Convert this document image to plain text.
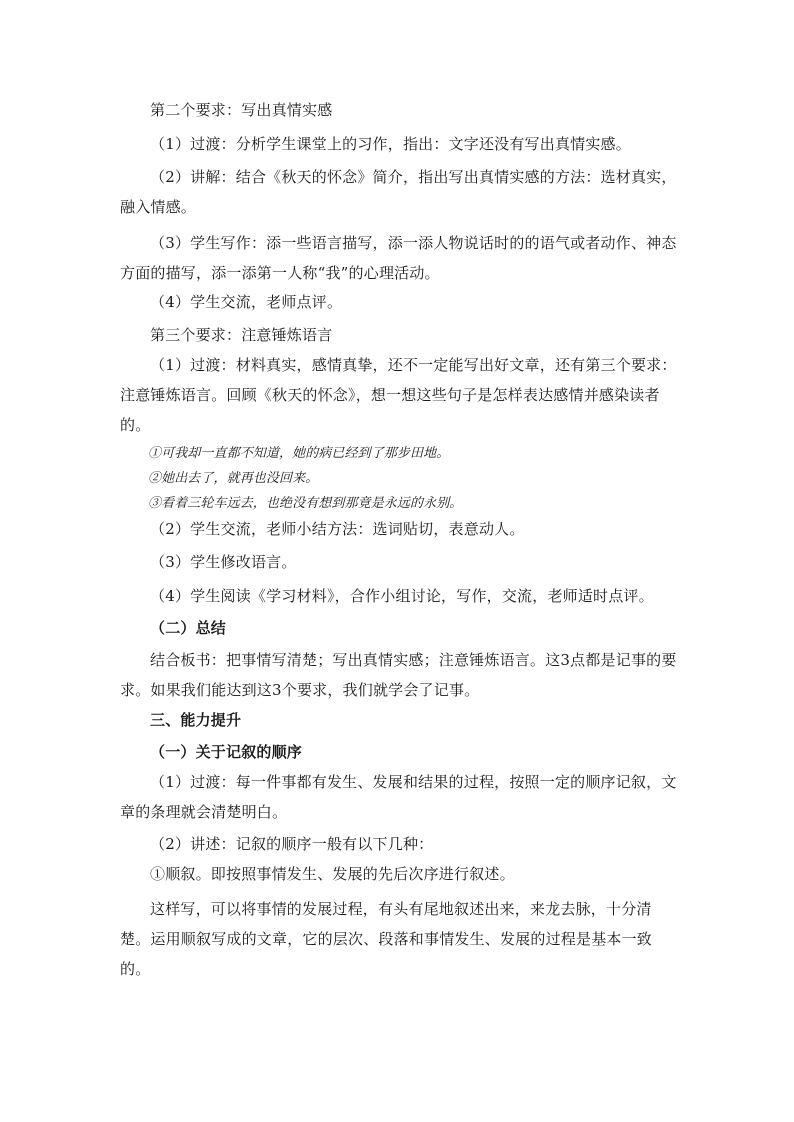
第二个要求：写出真情实感
（1）过渡：分析学生课堂上的习作，指出：文字还没有写出真情实感。
（2）讲解：结合《秋天的怀念》简介，指出写出真情实感的方法：选材真实，融入情感。
（3）学生写作：添一些语言描写，添一添人物说话时的的语气或者动作、神态方面的描写，添一添第一人称“我”的心理活动。
（4）学生交流，老师点评。
第三个要求：注意锤炼语言
（1）过渡：材料真实，感情真挚，还不一定能写出好文章，还有第三个要求：注意锤炼语言。回顾《秋天的怀念》，想一想这些句子是怎样表达感情并感染读者的。
①可我却一直都不知道，她的病已经到了那步田地。
②她出去了，就再也没回来。
③看着三轮车远去，也绝没有想到那竟是永远的永别。
（2）学生交流，老师小结方法：选词贴切，表意动人。
（3）学生修改语言。
（4）学生阅读《学习材料》，合作小组讨论，写作，交流，老师适时点评。
（二）总结
结合板书：把事情写清楚；写出真情实感；注意锤炼语言。这3点都是记事的要求。如果我们能达到这3个要求，我们就学会了记事。
三、能力提升
（一）关于记叙的顺序
（1）过渡：每一件事都有发生、发展和结果的过程，按照一定的顺序记叙，文章的条理就会清楚明白。
（2）讲述：记叙的顺序一般有以下几种：
①顺叙。即按照事情发生、发展的先后次序进行叙述。
这样写，可以将事情的发展过程，有头有尾地叙述出来，来龙去脉，十分清楚。运用顺叙写成的文章，它的层次、段落和事情发生、发展的过程是基本一致的。
